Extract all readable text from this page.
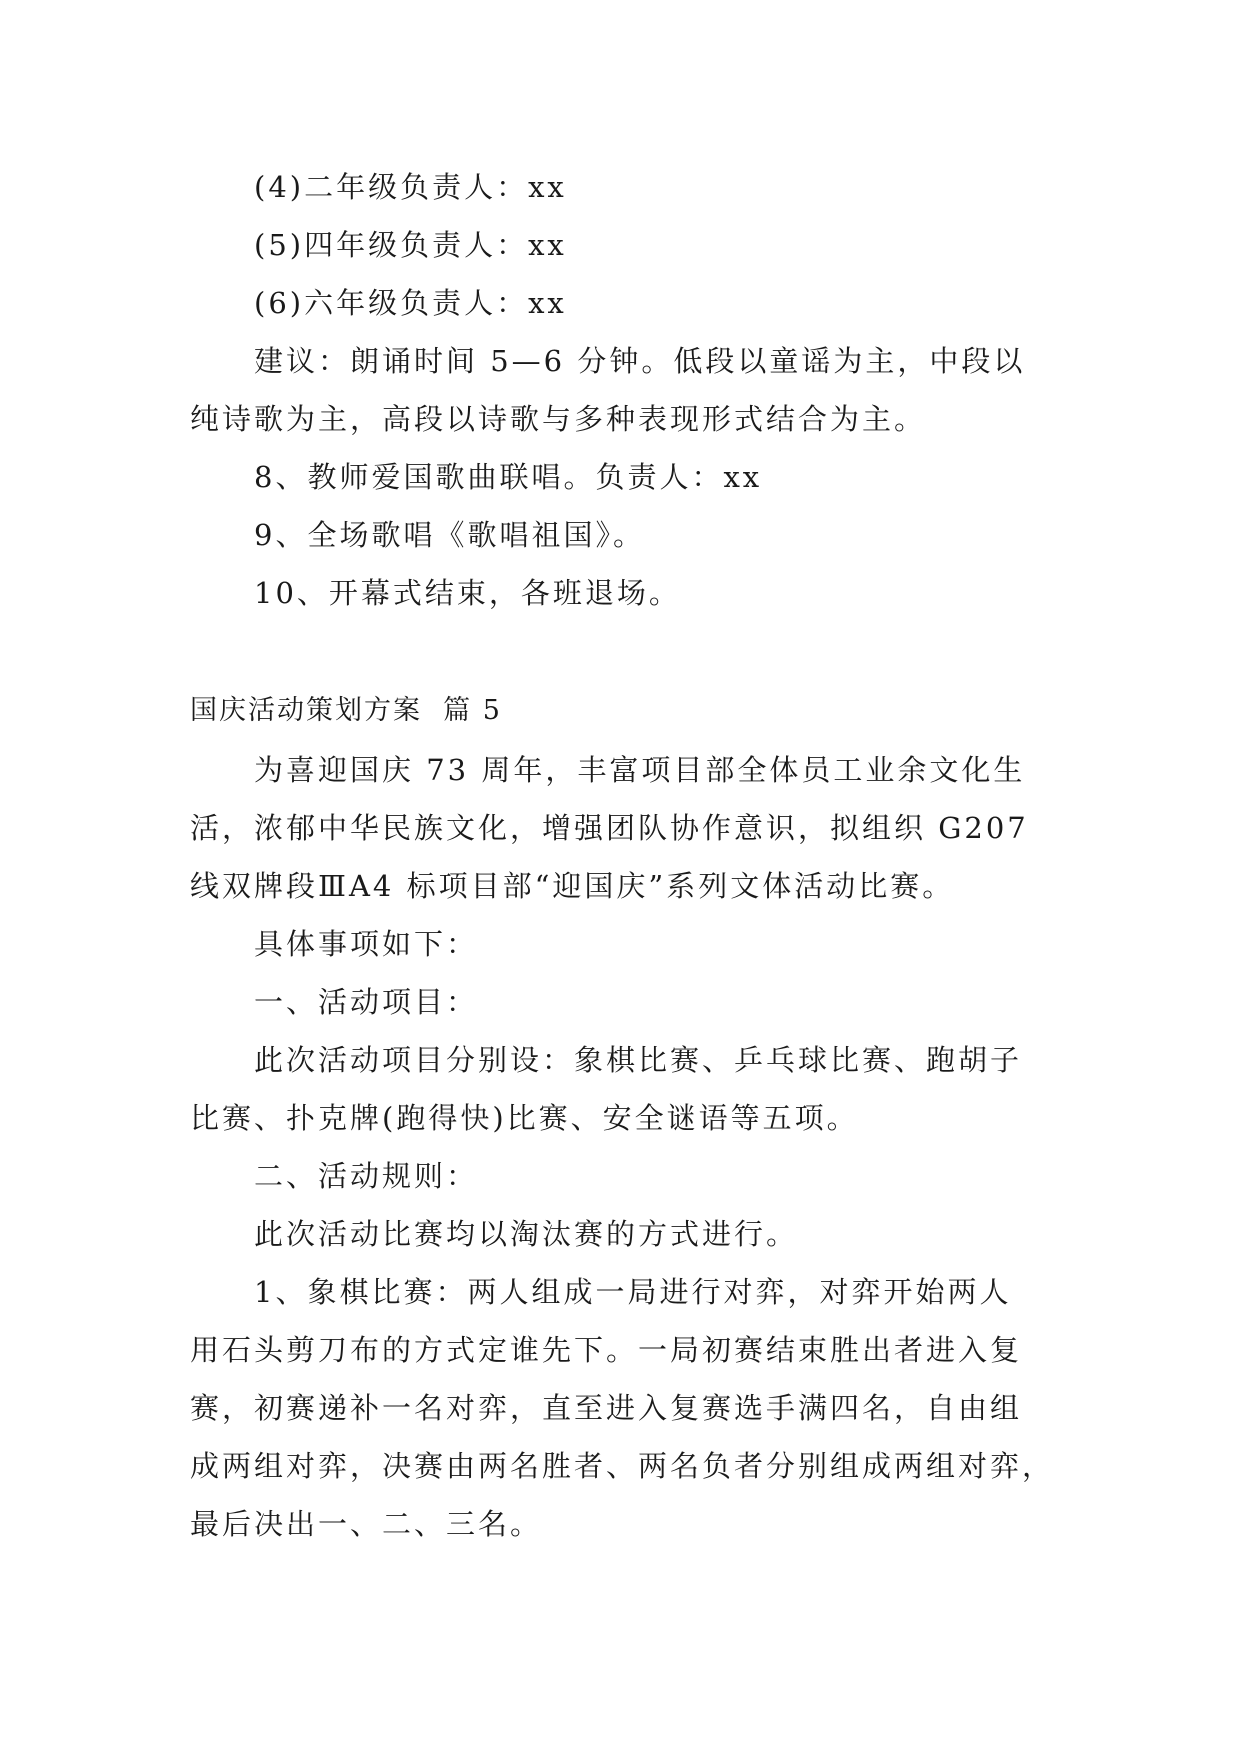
(4)二年级负责人：xx
(5)四年级负责人：xx
(6)六年级负责人：xx
建议：朗诵时间 5—6 分钟。低段以童谣为主，中段以
纯诗歌为主，高段以诗歌与多种表现形式结合为主。
8、教师爱国歌曲联唱。负责人：xx
9、全场歌唱《歌唱祖国》。
10、开幕式结束，各班退场。
国庆活动策划方案  篇 5
为喜迎国庆 73 周年，丰富项目部全体员工业余文化生
活，浓郁中华民族文化，增强团队协作意识，拟组织 G207
线双牌段ⅢA4 标项目部“迎国庆”系列文体活动比赛。
具体事项如下：
一、活动项目：
此次活动项目分别设：象棋比赛、乒乓球比赛、跑胡子
比赛、扑克牌(跑得快)比赛、安全谜语等五项。
二、活动规则：
此次活动比赛均以淘汰赛的方式进行。
1、象棋比赛：两人组成一局进行对弈，对弈开始两人
用石头剪刀布的方式定谁先下。一局初赛结束胜出者进入复
赛，初赛递补一名对弈，直至进入复赛选手满四名，自由组
成两组对弈，决赛由两名胜者、两名负者分别组成两组对弈，
最后决出一、二、三名。
